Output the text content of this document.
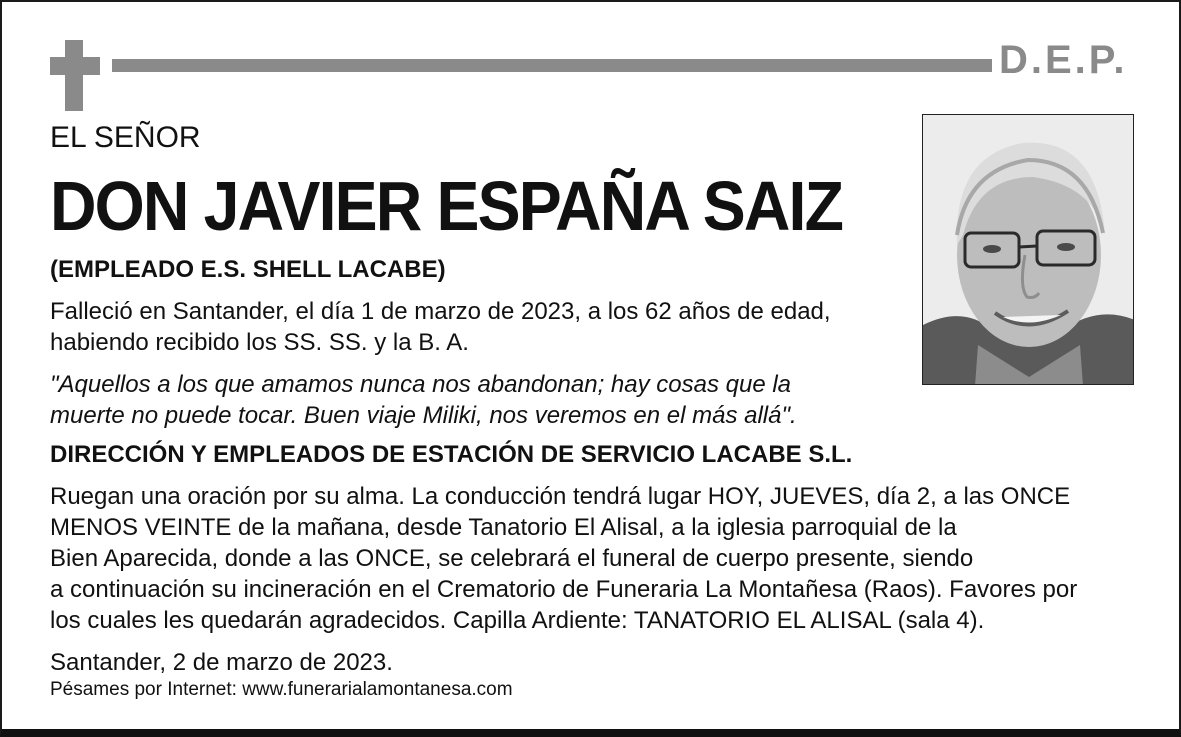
D.E.P.
EL SEÑOR
DON JAVIER ESPAÑA SAIZ
(EMPLEADO E.S. SHELL LACABE)
Falleció en Santander, el día 1 de marzo de 2023, a los 62 años de edad,
habiendo recibido los SS. SS. y la B. A.
"Aquellos a los que amamos nunca nos abandonan; hay cosas que la
muerte no puede tocar. Buen viaje Miliki, nos veremos en el más allá".
DIRECCIÓN Y EMPLEADOS DE ESTACIÓN DE SERVICIO LACABE S.L.
Ruegan una oración por su alma. La conducción tendrá lugar HOY, JUEVES, día 2, a las ONCE
MENOS VEINTE de la mañana, desde Tanatorio El Alisal, a la iglesia parroquial de la
Bien Aparecida, donde a las ONCE, se celebrará el funeral de cuerpo presente, siendo
a continuación su incineración en el Crematorio de Funeraria La Montañesa (Raos). Favores por
los cuales les quedarán agradecidos. Capilla Ardiente: TANATORIO EL ALISAL (sala 4).
Santander, 2 de marzo de 2023.
Pésames por Internet: www.funerarialamontanesa.com
